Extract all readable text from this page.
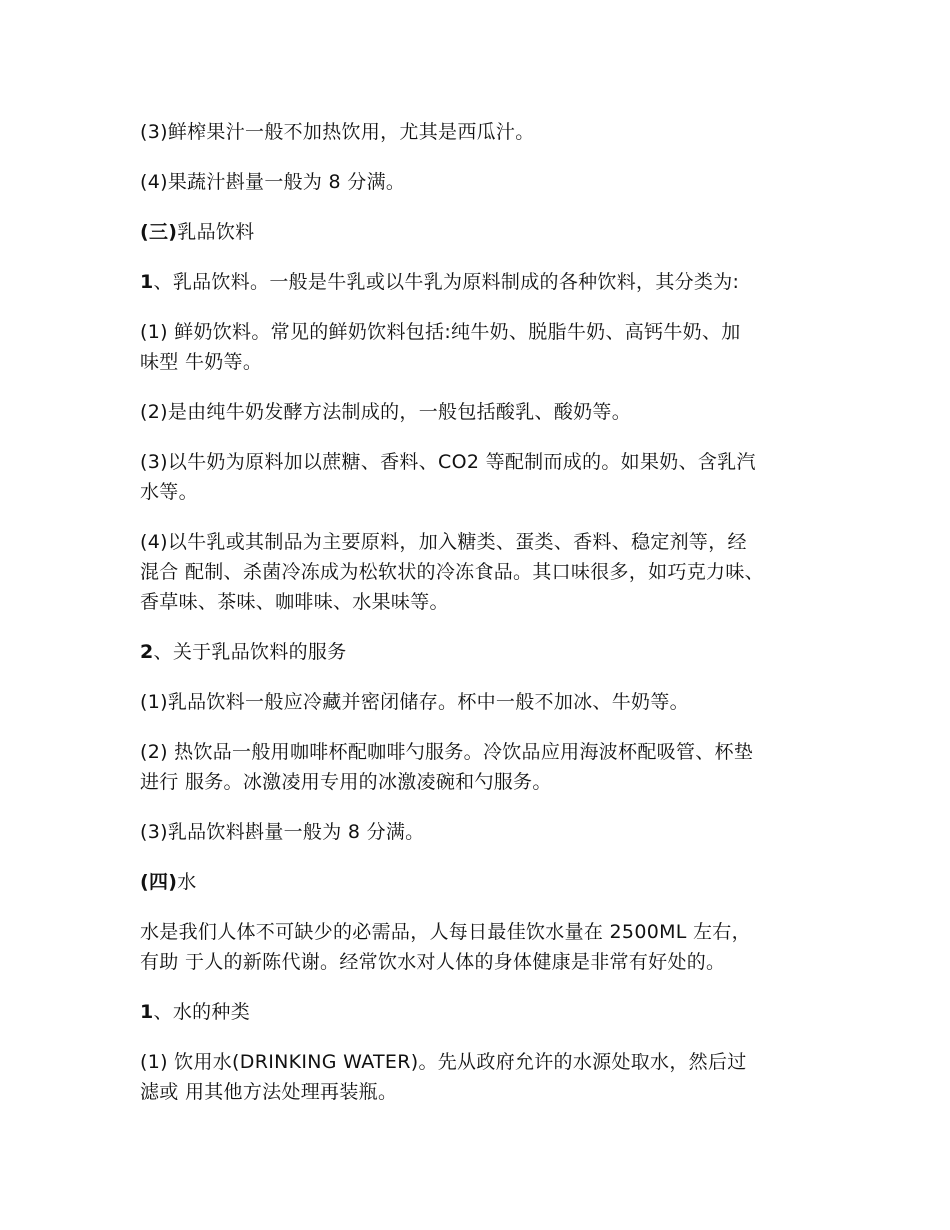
(3)鲜榨果汁一般不加热饮用，尤其是西瓜汁。

(4)果蔬汁斟量一般为 8 分满。

(三)乳品饮料

1、乳品饮料。一般是牛乳或以牛乳为原料制成的各种饮料，其分类为:

(1) 鲜奶饮料。常见的鲜奶饮料包括:纯牛奶、脱脂牛奶、高钙牛奶、加
味型 牛奶等。

(2)是由纯牛奶发酵方法制成的，一般包括酸乳、酸奶等。

(3)以牛奶为原料加以蔗糖、香料、CO2 等配制而成的。如果奶、含乳汽
水等。

(4)以牛乳或其制品为主要原料，加入糖类、蛋类、香料、稳定剂等，经
混合 配制、杀菌冷冻成为松软状的冷冻食品。其口味很多，如巧克力味、
香草味、茶味、咖啡味、水果味等。

2、关于乳品饮料的服务

(1)乳品饮料一般应冷藏并密闭储存。杯中一般不加冰、牛奶等。

(2) 热饮品一般用咖啡杯配咖啡勺服务。冷饮品应用海波杯配吸管、杯垫
进行 服务。冰激凌用专用的冰激凌碗和勺服务。

(3)乳品饮料斟量一般为 8 分满。

(四)水

水是我们人体不可缺少的必需品，人每日最佳饮水量在 2500ML 左右，
有助 于人的新陈代谢。经常饮水对人体的身体健康是非常有好处的。

1、水的种类

(1) 饮用水(DRINKING WATER)。先从政府允许的水源处取水，然后过
滤或 用其他方法处理再装瓶。
